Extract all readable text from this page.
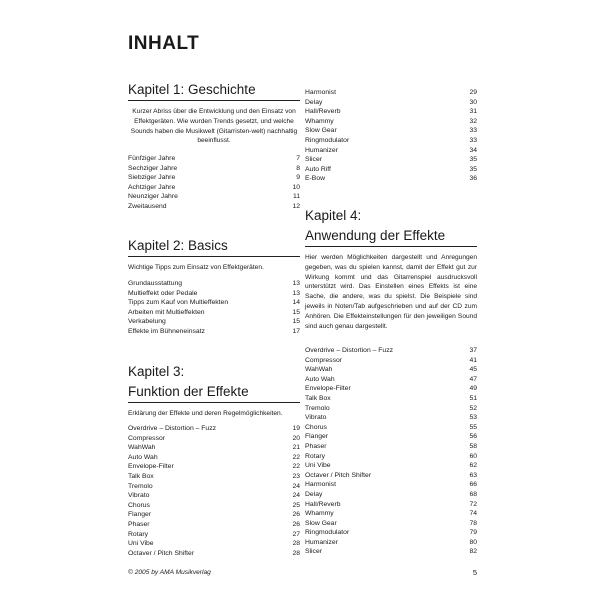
INHALT
Kapitel 1: Geschichte
Kurzer Abriss über die Entwicklung und den Einsatz von Effektgeräten. Wie wurden Trends gesetzt, und welche Sounds haben die Musikwelt (Gitarristen-welt) nachhaltig beeinflusst.
Fünfziger Jahre	7
Sechziger Jahre	8
Siebziger Jahre	9
Achtziger Jahre	10
Neunziger Jahre	11
Zweitausend	12
Kapitel 2: Basics
Wichtige Tipps zum Einsatz von Effektgeräten.
Grundausstattung	13
Multieffekt oder Pedale	13
Tipps zum Kauf von Multieffekten	14
Arbeiten mit Multieffekten	15
Verkabelung	15
Effekte im Bühneneinsatz	17
Kapitel 3:
Funktion der Effekte
Erklärung der Effekte und deren Regelmöglichkeiten.
Overdrive – Distortion – Fuzz	19
Compressor	20
WahWah	21
Auto Wah	22
Envelope-Filter	22
Talk Box	23
Tremolo	24
Vibrato	24
Chorus	25
Flanger	26
Phaser	26
Rotary	27
Uni Vibe	28
Octaver / Pitch Shifter	28
Harmonist	29
Delay	30
Hall/Reverb	31
Whammy	32
Slow Gear	33
Ringmodulator	33
Humanizer	34
Slicer	35
Auto Riff	35
E-Bow	36
Kapitel 4:
Anwendung der Effekte
Hier werden Möglichkeiten dargestellt und Anregungen gegeben, was du spielen kannst, damit der Effekt gut zur Wirkung kommt und das Gitarrenspiel ausdrucksvoll unterstützt wird. Das Einstellen eines Effekts ist eine Sache, die andere, was du spielst. Die Beispiele sind jeweils in Noten/Tab aufgeschrieben und auf der CD zum Anhören. Die Effekteinstellungen für den jeweiligen Sound sind auch genau dargestellt.
Overdrive – Distortion – Fuzz	37
Compressor	41
WahWah	45
Auto Wah	47
Envelope-Filter	49
Talk Box	51
Tremolo	52
Vibrato	53
Chorus	55
Flanger	56
Phaser	58
Rotary	60
Uni Vibe	62
Octaver / Pitch Shifter	63
Harmonist	66
Delay	68
Hall/Reverb	72
Whammy	74
Slow Gear	78
Ringmodulator	79
Humanizer	80
Slicer	82
© 2005 by AMA Musikverlag	5
